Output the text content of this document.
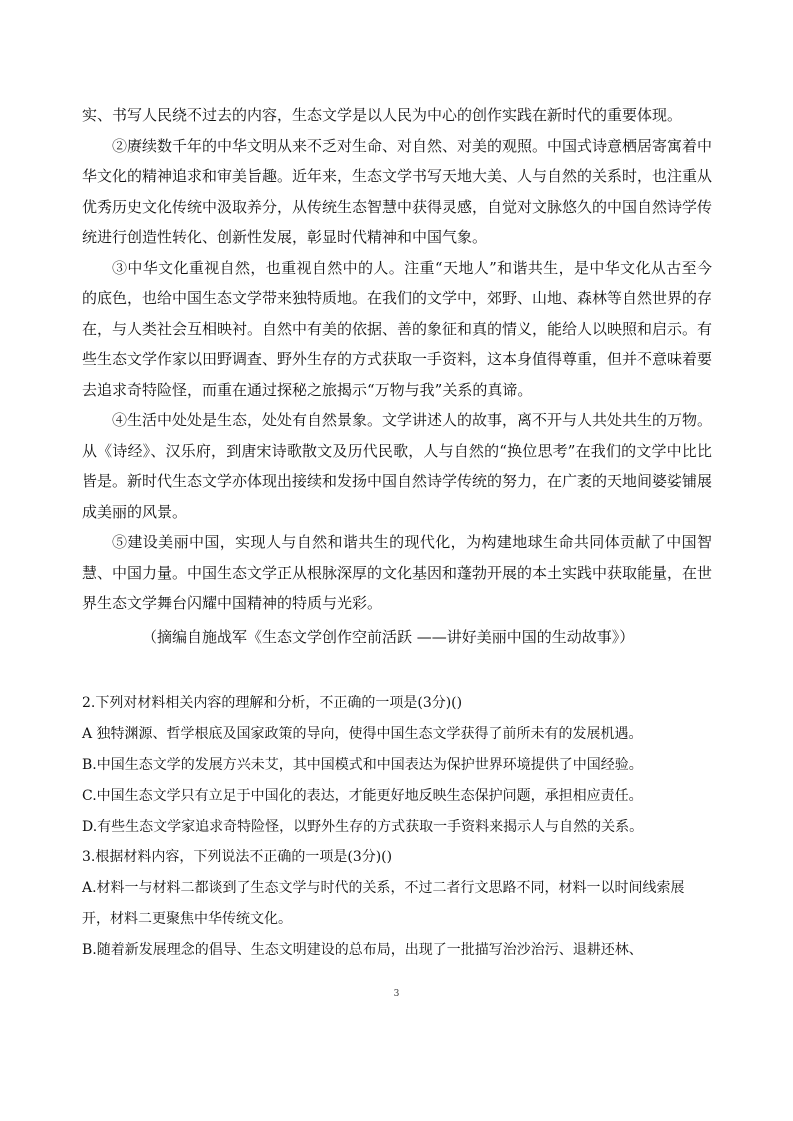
实、书写人民绕不过去的内容，生态文学是以人民为中心的创作实践在新时代的重要体现。

②赓续数千年的中华文明从来不乏对生命、对自然、对美的观照。中国式诗意栖居寄寓着中华文化的精神追求和审美旨趣。近年来，生态文学书写天地大美、人与自然的关系时，也注重从优秀历史文化传统中汲取养分，从传统生态智慧中获得灵感，自觉对文脉悠久的中国自然诗学传统进行创造性转化、创新性发展，彰显时代精神和中国气象。

③中华文化重视自然，也重视自然中的人。注重“天地人”和谐共生，是中华文化从古至今的底色，也给中国生态文学带来独特质地。在我们的文学中，郊野、山地、森林等自然世界的存在，与人类社会互相映衬。自然中有美的依据、善的象征和真的情义，能给人以映照和启示。有些生态文学作家以田野调查、野外生存的方式获取一手资料，这本身值得尊重，但并不意味着要去追求奇特险怪，而重在通过探秘之旅揭示“万物与我”关系的真谛。

④生活中处处是生态，处处有自然景象。文学讲述人的故事，离不开与人共处共生的万物。从《诗经》、汉乐府，到唐宋诗歌散文及历代民歌，人与自然的“换位思考”在我们的文学中比比皆是。新时代生态文学亦体现出接续和发扬中国自然诗学传统的努力，在广袤的天地间婆娑铺展成美丽的风景。

⑤建设美丽中国，实现人与自然和谐共生的现代化，为构建地球生命共同体贡献了中国智慧、中国力量。中国生态文学正从根脉深厚的文化基因和蓬勃开展的本土实践中获取能量，在世界生态文学舞台闪耀中国精神的特质与光彩。

（摘编自施战军《生态文学创作空前活跃 ——讲好美丽中国的生动故事》）

2.下列对材料相关内容的理解和分析，不正确的一项是(3分)()

A 独特渊源、哲学根底及国家政策的导向，使得中国生态文学获得了前所未有的发展机遇。

B.中国生态文学的发展方兴未艾，其中国模式和中国表达为保护世界环境提供了中国经验。

C.中国生态文学只有立足于中国化的表达，才能更好地反映生态保护问题，承担相应责任。

D.有些生态文学家追求奇特险怪，以野外生存的方式获取一手资料来揭示人与自然的关系。

3.根据材料内容，下列说法不正确的一项是(3分)()

A.材料一与材料二都谈到了生态文学与时代的关系，不过二者行文思路不同，材料一以时间线索展开，材料二更聚焦中华传统文化。

B.随着新发展理念的倡导、生态文明建设的总布局，出现了一批描写治沙治污、退耕还林、

3
